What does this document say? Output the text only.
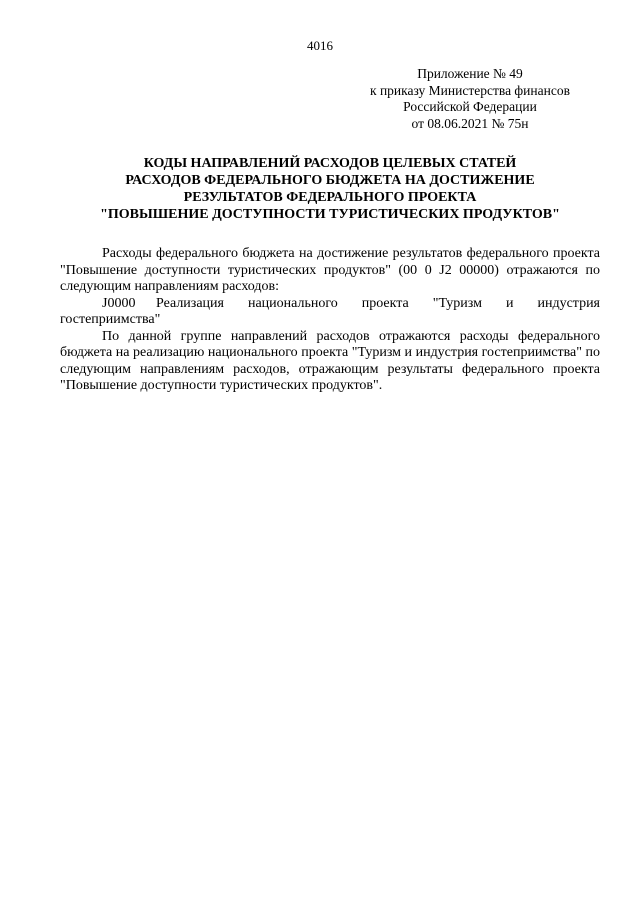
4016
Приложение № 49
к приказу Министерства финансов
Российской Федерации
от 08.06.2021 № 75н
КОДЫ НАПРАВЛЕНИЙ РАСХОДОВ ЦЕЛЕВЫХ СТАТЕЙ
РАСХОДОВ ФЕДЕРАЛЬНОГО БЮДЖЕТА НА ДОСТИЖЕНИЕ
РЕЗУЛЬТАТОВ ФЕДЕРАЛЬНОГО ПРОЕКТА
"ПОВЫШЕНИЕ ДОСТУПНОСТИ ТУРИСТИЧЕСКИХ ПРОДУКТОВ"

Расходы федерального бюджета на достижение результатов федерального проекта "Повышение доступности туристических продуктов" (00 0 J2 00000) отражаются по следующим направлениям расходов:

J0000	Реализация национального проекта "Туризм и индустрия

гостеприимства"

По данной группе направлений расходов отражаются расходы федерального бюджета на реализацию национального проекта "Туризм и индустрия гостеприимства" по следующим направлениям расходов, отражающим результаты федерального проекта "Повышение доступности туристических продуктов".
